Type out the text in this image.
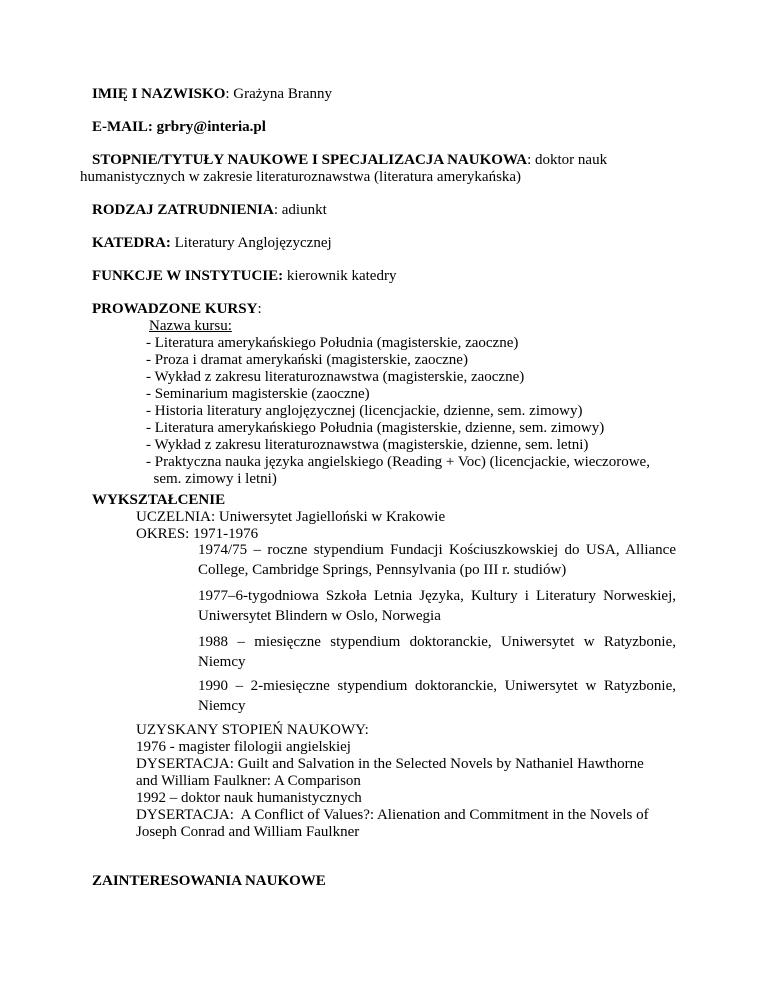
IMIĘ I NAZWISKO: Grażyna Branny
E-MAIL: grbry@interia.pl
STOPNIE/TYTUŁY NAUKOWE I SPECJALIZACJA NAUKOWA: doktor nauk
humanistycznych w zakresie literaturoznawstwa (literatura amerykańska)
RODZAJ ZATRUDNIENIA: adiunkt
KATEDRA: Literatury Anglojęzycznej
FUNKCJE W INSTYTUCIE: kierownik katedry
PROWADZONE KURSY:
Nazwa kursu:
- Literatura amerykańskiego Południa (magisterskie, zaoczne)
- Proza i dramat amerykański (magisterskie, zaoczne)
- Wykład z zakresu literaturoznawstwa (magisterskie, zaoczne)
- Seminarium magisterskie (zaoczne)
- Historia literatury anglojęzycznej (licencjackie, dzienne, sem. zimowy)
- Literatura amerykańskiego Południa (magisterskie, dzienne, sem. zimowy)
- Wykład z zakresu literaturoznawstwa (magisterskie, dzienne, sem. letni)
- Praktyczna nauka języka angielskiego (Reading + Voc) (licencjackie, wieczorowe,
sem. zimowy i letni)
WYKSZTAŁCENIE
UCZELNIA: Uniwersytet Jagielloński w Krakowie
OKRES: 1971-1976
1974/75 – roczne stypendium Fundacji Kościuszkowskiej do USA, Alliance College, Cambridge Springs, Pennsylvania (po III r. studiów)
1977–6-tygodniowa Szkoła Letnia Języka, Kultury i Literatury Norweskiej, Uniwersytet Blindern w Oslo, Norwegia
1988 – miesięczne stypendium doktoranckie, Uniwersytet w Ratyzbonie, Niemcy
1990 – 2-miesięczne stypendium doktoranckie, Uniwersytet w Ratyzbonie, Niemcy
UZYSKANY STOPIEŃ NAUKOWY:
1976 - magister filologii angielskiej
DYSERTACJA: Guilt and Salvation in the Selected Novels by Nathaniel Hawthorne
and William Faulkner: A Comparison
1992 – doktor nauk humanistycznych
DYSERTACJA:  A Conflict of Values?: Alienation and Commitment in the Novels of
Joseph Conrad and William Faulkner
ZAINTERESOWANIA NAUKOWE
